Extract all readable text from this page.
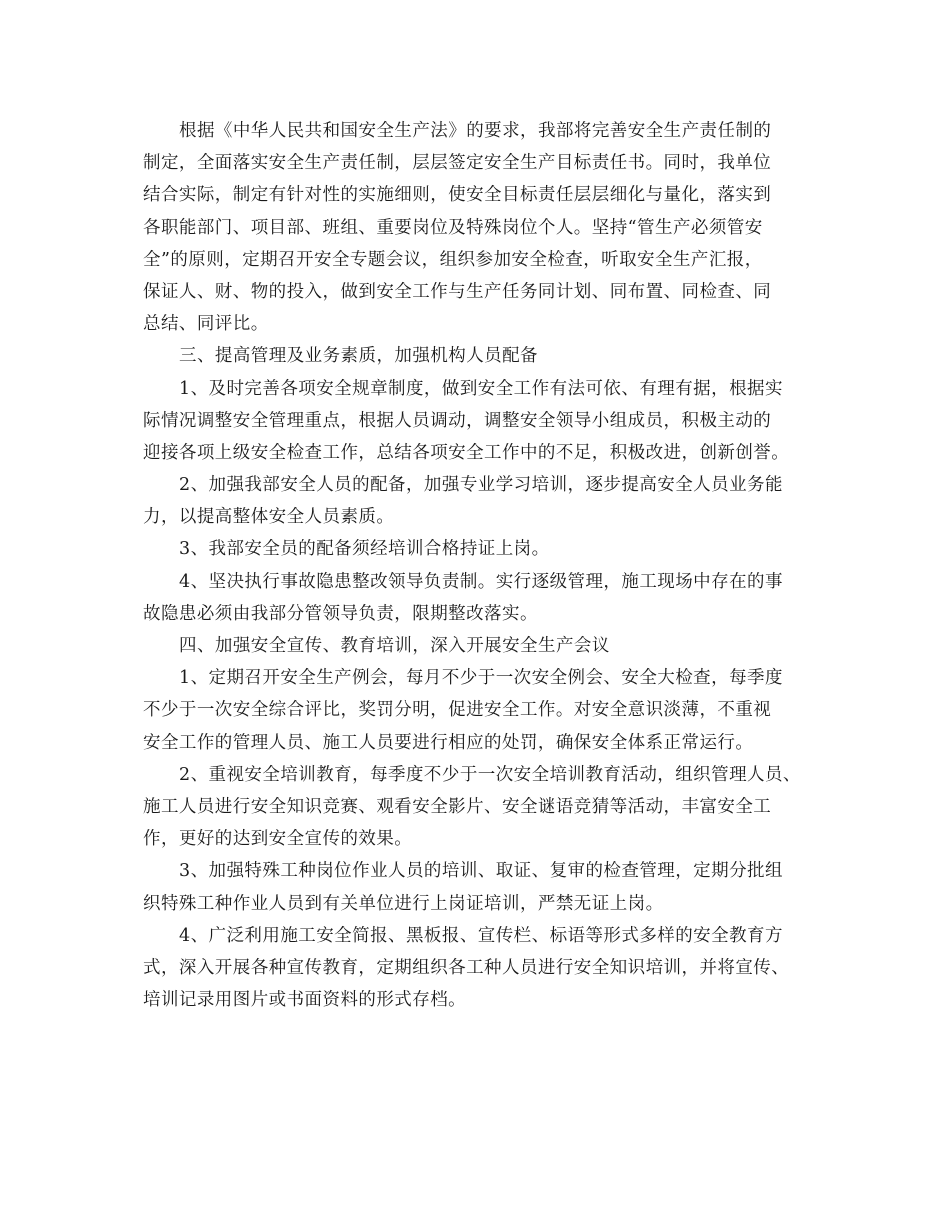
根据《中华人民共和国安全生产法》的要求，我部将完善安全生产责任制的
制定，全面落实安全生产责任制，层层签定安全生产目标责任书。同时，我单位
结合实际，制定有针对性的实施细则，使安全目标责任层层细化与量化，落实到
各职能部门、项目部、班组、重要岗位及特殊岗位个人。坚持“管生产必须管安
全”的原则，定期召开安全专题会议，组织参加安全检查，听取安全生产汇报，
保证人、财、物的投入，做到安全工作与生产任务同计划、同布置、同检查、同
总结、同评比。
三、提高管理及业务素质，加强机构人员配备
1、及时完善各项安全规章制度，做到安全工作有法可依、有理有据，根据实
际情况调整安全管理重点，根据人员调动，调整安全领导小组成员，积极主动的
迎接各项上级安全检查工作，总结各项安全工作中的不足，积极改进，创新创誉。
2、加强我部安全人员的配备，加强专业学习培训，逐步提高安全人员业务能
力，以提高整体安全人员素质。
3、我部安全员的配备须经培训合格持证上岗。
4、坚决执行事故隐患整改领导负责制。实行逐级管理，施工现场中存在的事
故隐患必须由我部分管领导负责，限期整改落实。
四、加强安全宣传、教育培训，深入开展安全生产会议
1、定期召开安全生产例会，每月不少于一次安全例会、安全大检查，每季度
不少于一次安全综合评比，奖罚分明，促进安全工作。对安全意识淡薄，不重视
安全工作的管理人员、施工人员要进行相应的处罚，确保安全体系正常运行。
2、重视安全培训教育，每季度不少于一次安全培训教育活动，组织管理人员、
施工人员进行安全知识竞赛、观看安全影片、安全谜语竞猜等活动，丰富安全工
作，更好的达到安全宣传的效果。
3、加强特殊工种岗位作业人员的培训、取证、复审的检查管理，定期分批组
织特殊工种作业人员到有关单位进行上岗证培训，严禁无证上岗。
4、广泛利用施工安全简报、黑板报、宣传栏、标语等形式多样的安全教育方
式，深入开展各种宣传教育，定期组织各工种人员进行安全知识培训，并将宣传、
培训记录用图片或书面资料的形式存档。
